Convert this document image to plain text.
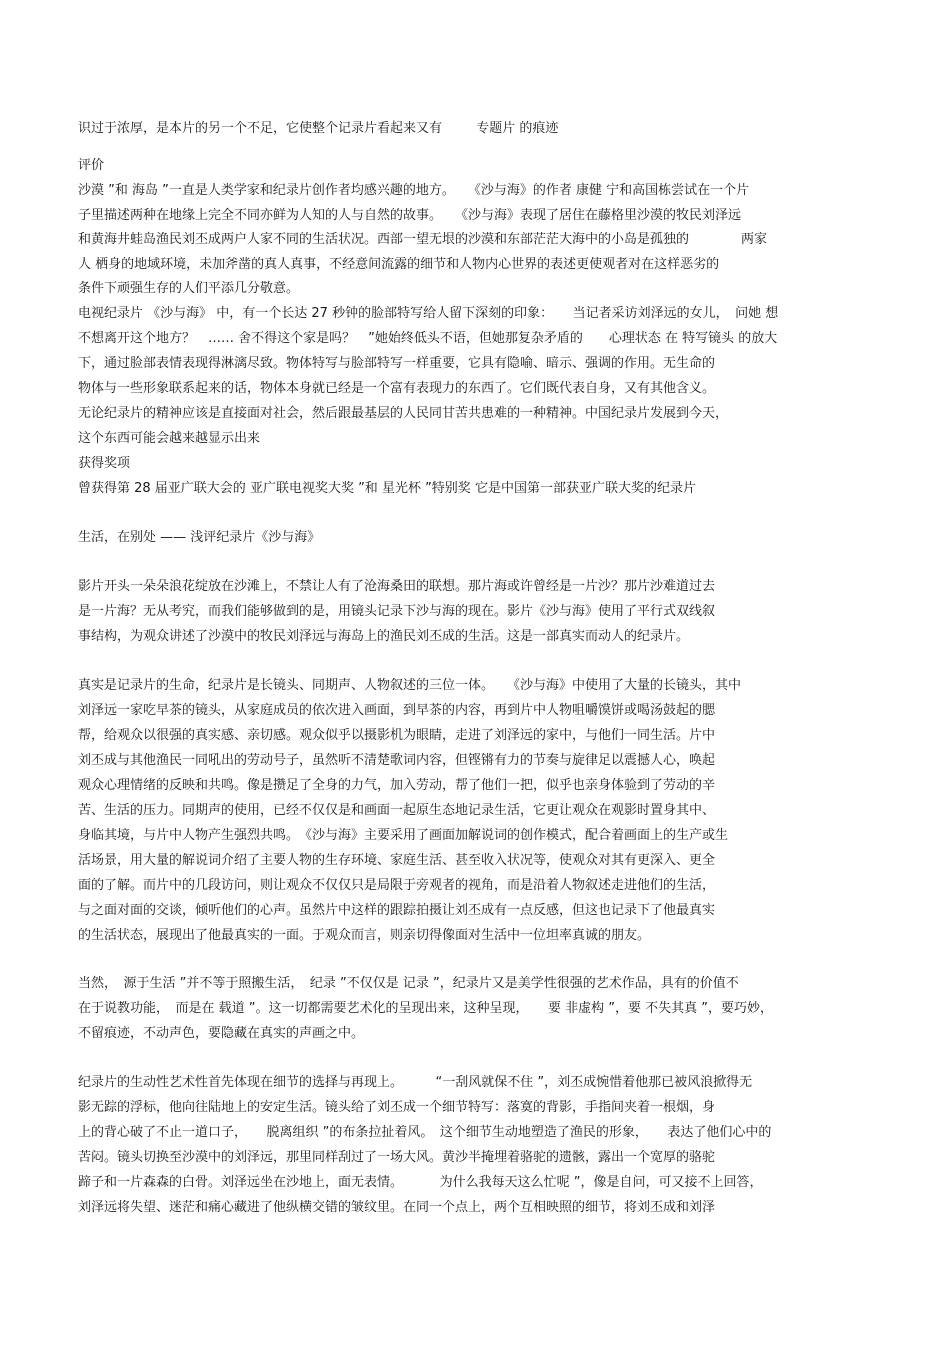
识过于浓厚，是本片的另一个不足，它使整个记录片看起来又有 　　 专题片 的痕迹
评价
沙漠 ”和 海岛 ”一直是人类学家和纪录片创作者均感兴趣的地方。　　《沙与海》的作者 康健 宁和高国栋尝试在一个片
子里描述两种在地缘上完全不同亦鲜为人知的人与自然的故事。　　《沙与海》表现了居住在藤格里沙漠的牧民刘泽远
和黄海井蛙岛渔民刘丕成两户人家不同的生活状况。西部一望无垠的沙漠和东部茫茫大海中的小岛是孤独的　　　　两家
人 栖身的地域环境，未加斧凿的真人真事，不经意间流露的细节和人物内心世界的表述更使观者对在这样恶劣的
条件下顽强生存的人们平添几分敬意。
电视纪录片 《沙与海》 中，有一个长达 27 秒钟的脸部特写给人留下深刻的印象：　　当记者采访刘泽远的女儿，　问她 想
不想离开这个地方？　…… 舍不得这个家是吗？　”她始终低头不语，但她那复杂矛盾的　　心理状态 在 特写镜头 的放大
下，通过脸部表情表现得淋漓尽致。物体特写与脸部特写一样重要，它具有隐喻、暗示、强调的作用。无生命的
物体与一些形象联系起来的话，物体本身就已经是一个富有表现力的东西了。它们既代表自身，又有其他含义。
无论纪录片的精神应该是直接面对社会，然后跟最基层的人民同甘苦共患难的一种精神。中国纪录片发展到今天，
这个东西可能会越来越显示出来
获得奖项
曾获得第 28 届亚广联大会的 亚广联电视奖大奖 ”和 星光杯 ”特别奖 它是中国第一部获亚广联大奖的纪录片
生活，在别处 —— 浅评纪录片《沙与海》
影片开头一朵朵浪花绽放在沙滩上，不禁让人有了沧海桑田的联想。那片海或许曾经是一片沙？那片沙难道过去
是一片海？无从考究，而我们能够做到的是，用镜头记录下沙与海的现在。影片《沙与海》使用了平行式双线叙
事结构，为观众讲述了沙漠中的牧民刘泽远与海岛上的渔民刘丕成的生活。这是一部真实而动人的纪录片。
真实是记录片的生命，纪录片是长镜头、同期声、人物叙述的三位一体。　　《沙与海》中使用了大量的长镜头，其中
刘泽远一家吃早茶的镜头，从家庭成员的依次进入画面，到早茶的内容，再到片中人物咀嚼馍饼或喝汤鼓起的腮
帮，给观众以很强的真实感、亲切感。观众似乎以摄影机为眼睛，走进了刘泽远的家中，与他们一同生活。片中
刘丕成与其他渔民一同吼出的劳动号子，虽然听不清楚歌词内容，但铿锵有力的节奏与旋律足以震撼人心，唤起
观众心理情绪的反映和共鸣。像是攒足了全身的力气，加入劳动，帮了他们一把，似乎也亲身体验到了劳动的辛
苦、生活的压力。同期声的使用，已经不仅仅是和画面一起原生态地记录生活，它更让观众在观影时置身其中、
身临其境，与片中人物产生强烈共鸣。　《沙与海》主要采用了画面加解说词的创作模式，配合着画面上的生产或生
活场景，用大量的解说词介绍了主要人物的生存环境、家庭生活、甚至收入状况等，使观众对其有更深入、更全
面的了解。而片中的几段访问，则让观众不仅仅只是局限于旁观者的视角，而是沿着人物叙述走进他们的生活，
与之面对面的交谈，倾听他们的心声。虽然片中这样的跟踪拍摄让刘丕成有一点反感，但这也记录下了他最真实
的生活状态，展现出了他最真实的一面。于观众而言，则亲切得像面对生活中一位坦率真诚的朋友。
当然，　源于生活 ”并不等于照搬生活，　纪录 ”不仅仅是 记录 ”，纪录片又是美学性很强的艺术作品，具有的价值不
在于说教功能，　而是在 载道 ”。这一切都需要艺术化的呈现出来，这种呈现，　　要 非虚构 ”，要 不失其真 ”，要巧妙，
不留痕迹，不动声色，要隐藏在真实的声画之中。
纪录片的生动性艺术性首先体现在细节的选择与再现上。　　　“一刮风就保不住 ”，刘丕成惋惜着他那已被风浪掀得无
影无踪的浮标，他向往陆地上的安定生活。镜头给了刘丕成一个细节特写：落寞的背影，手指间夹着一根烟，身
上的背心破了不止一道口子，　　脱离组织 ”的布条拉扯着风。　这个细节生动地塑造了渔民的形象，　　表达了他们心中的
苦闷。镜头切换至沙漠中的刘泽远，那里同样刮过了一场大风。黄沙半掩埋着骆驼的遗骸，露出一个宽厚的骆驼
蹄子和一片森森的白骨。刘泽远坐在沙地上，面无表情。　　　 为什么我每天这么忙呢 ”，像是自问，可又接不上回答，
刘泽远将失望、迷茫和痛心藏进了他纵横交错的皱纹里。在同一个点上，两个互相映照的细节，将刘丕成和刘泽
